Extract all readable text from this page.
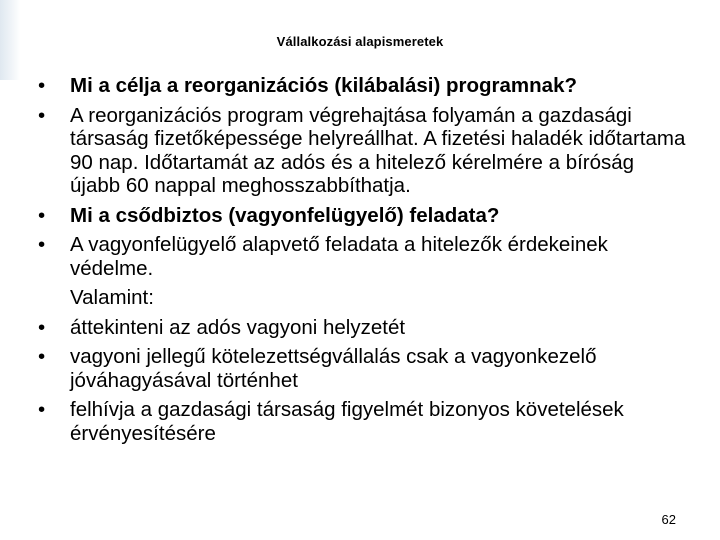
Vállalkozási alapismeretek
•	Mi a célja a reorganizációs (kilábalási) programnak?
•	A reorganizációs program végrehajtása folyamán a gazdasági társaság fizetőképessége helyreállhat. A fizetési haladék időtartama 90 nap. Időtartamát az adós és a hitelező kérelmére a bíróság újabb 60 nappal meghosszabbíthatja.
•	Mi a csődbiztos (vagyonfelügyelő) feladata?
•	A vagyonfelügyelő alapvető feladata a hitelezők érdekeinek védelme.
Valamint:
•	áttekinteni az adós vagyoni helyzetét
•	vagyoni jellegű kötelezettségvállalás csak a vagyonkezelő jóváhagyásával történhet
•	felhívja a gazdasági társaság figyelmét bizonyos követelések érvényesítésére
62
